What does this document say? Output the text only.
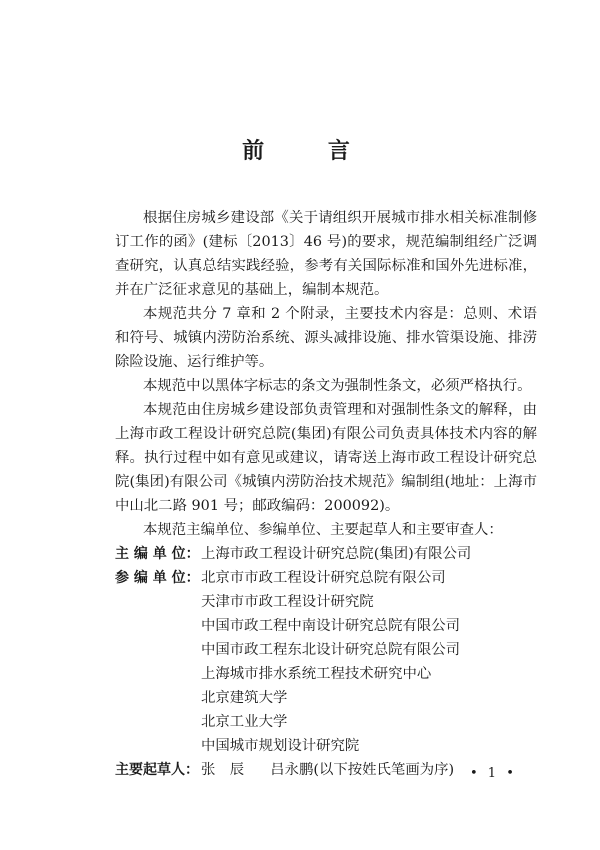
前 言

根据住房城乡建设部《关于请组织开展城市排水相关标准制修订工作的函》(建标〔2013〕46 号)的要求，规范编制组经广泛调查研究，认真总结实践经验，参考有关国际标准和国外先进标准，并在广泛征求意见的基础上，编制本规范。

本规范共分 7 章和 2 个附录，主要技术内容是：总则、术语和符号、城镇内涝防治系统、源头减排设施、排水管渠设施、排涝除险设施、运行维护等。

本规范中以黑体字标志的条文为强制性条文，必须严格执行。

本规范由住房城乡建设部负责管理和对强制性条文的解释，由上海市政工程设计研究总院(集团)有限公司负责具体技术内容的解释。执行过程中如有意见或建议，请寄送上海市政工程设计研究总院(集团)有限公司《城镇内涝防治技术规范》编制组(地址：上海市中山北二路 901 号；邮政编码：200092)。

本规范主编单位、参编单位、主要起草人和主要审查人：

主 编 单 位： 上海市政工程设计研究总院(集团)有限公司
参 编 单 位： 北京市市政工程设计研究总院有限公司
天津市市政工程设计研究院
中国市政工程中南设计研究总院有限公司
中国市政工程东北设计研究总院有限公司
上海城市排水系统工程技术研究中心
北京建筑大学
北京工业大学
中国城市规划设计研究院
主要起草人： 张　辰 吕永鹏(以下按姓氏笔画为序) • 1 •
